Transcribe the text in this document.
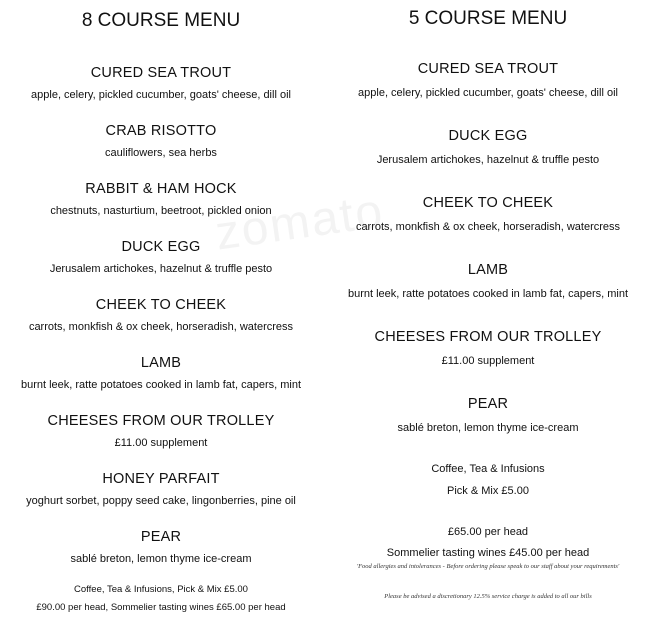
zomato
8 COURSE MENU
CURED SEA TROUT
apple, celery, pickled cucumber, goats' cheese, dill oil
CRAB RISOTTO
cauliflowers, sea herbs
RABBIT & HAM HOCK
chestnuts, nasturtium, beetroot, pickled onion
DUCK EGG
Jerusalem artichokes, hazelnut & truffle pesto
CHEEK TO CHEEK
carrots, monkfish & ox cheek, horseradish, watercress
LAMB
burnt leek, ratte potatoes cooked in lamb fat, capers, mint
CHEESES FROM OUR TROLLEY
£11.00 supplement
HONEY PARFAIT
yoghurt sorbet, poppy seed cake, lingonberries, pine oil
PEAR
sablé breton, lemon thyme ice-cream
Coffee, Tea & Infusions, Pick & Mix £5.00
£90.00 per head, Sommelier tasting wines £65.00 per head
5 COURSE MENU
CURED SEA TROUT
apple, celery, pickled cucumber, goats' cheese, dill oil
DUCK EGG
Jerusalem artichokes, hazelnut & truffle pesto
CHEEK TO CHEEK
carrots, monkfish & ox cheek, horseradish, watercress
LAMB
burnt leek, ratte potatoes cooked in lamb fat, capers, mint
CHEESES FROM OUR TROLLEY
£11.00 supplement
PEAR
sablé breton, lemon thyme ice-cream
Coffee, Tea & Infusions
Pick & Mix £5.00
£65.00 per head
Sommelier tasting wines £45.00 per head
'Food allergies and intolerances - Before ordering please speak to our staff about your requirements'
Please be advised a discretionary 12.5% service charge is added to all our bills
